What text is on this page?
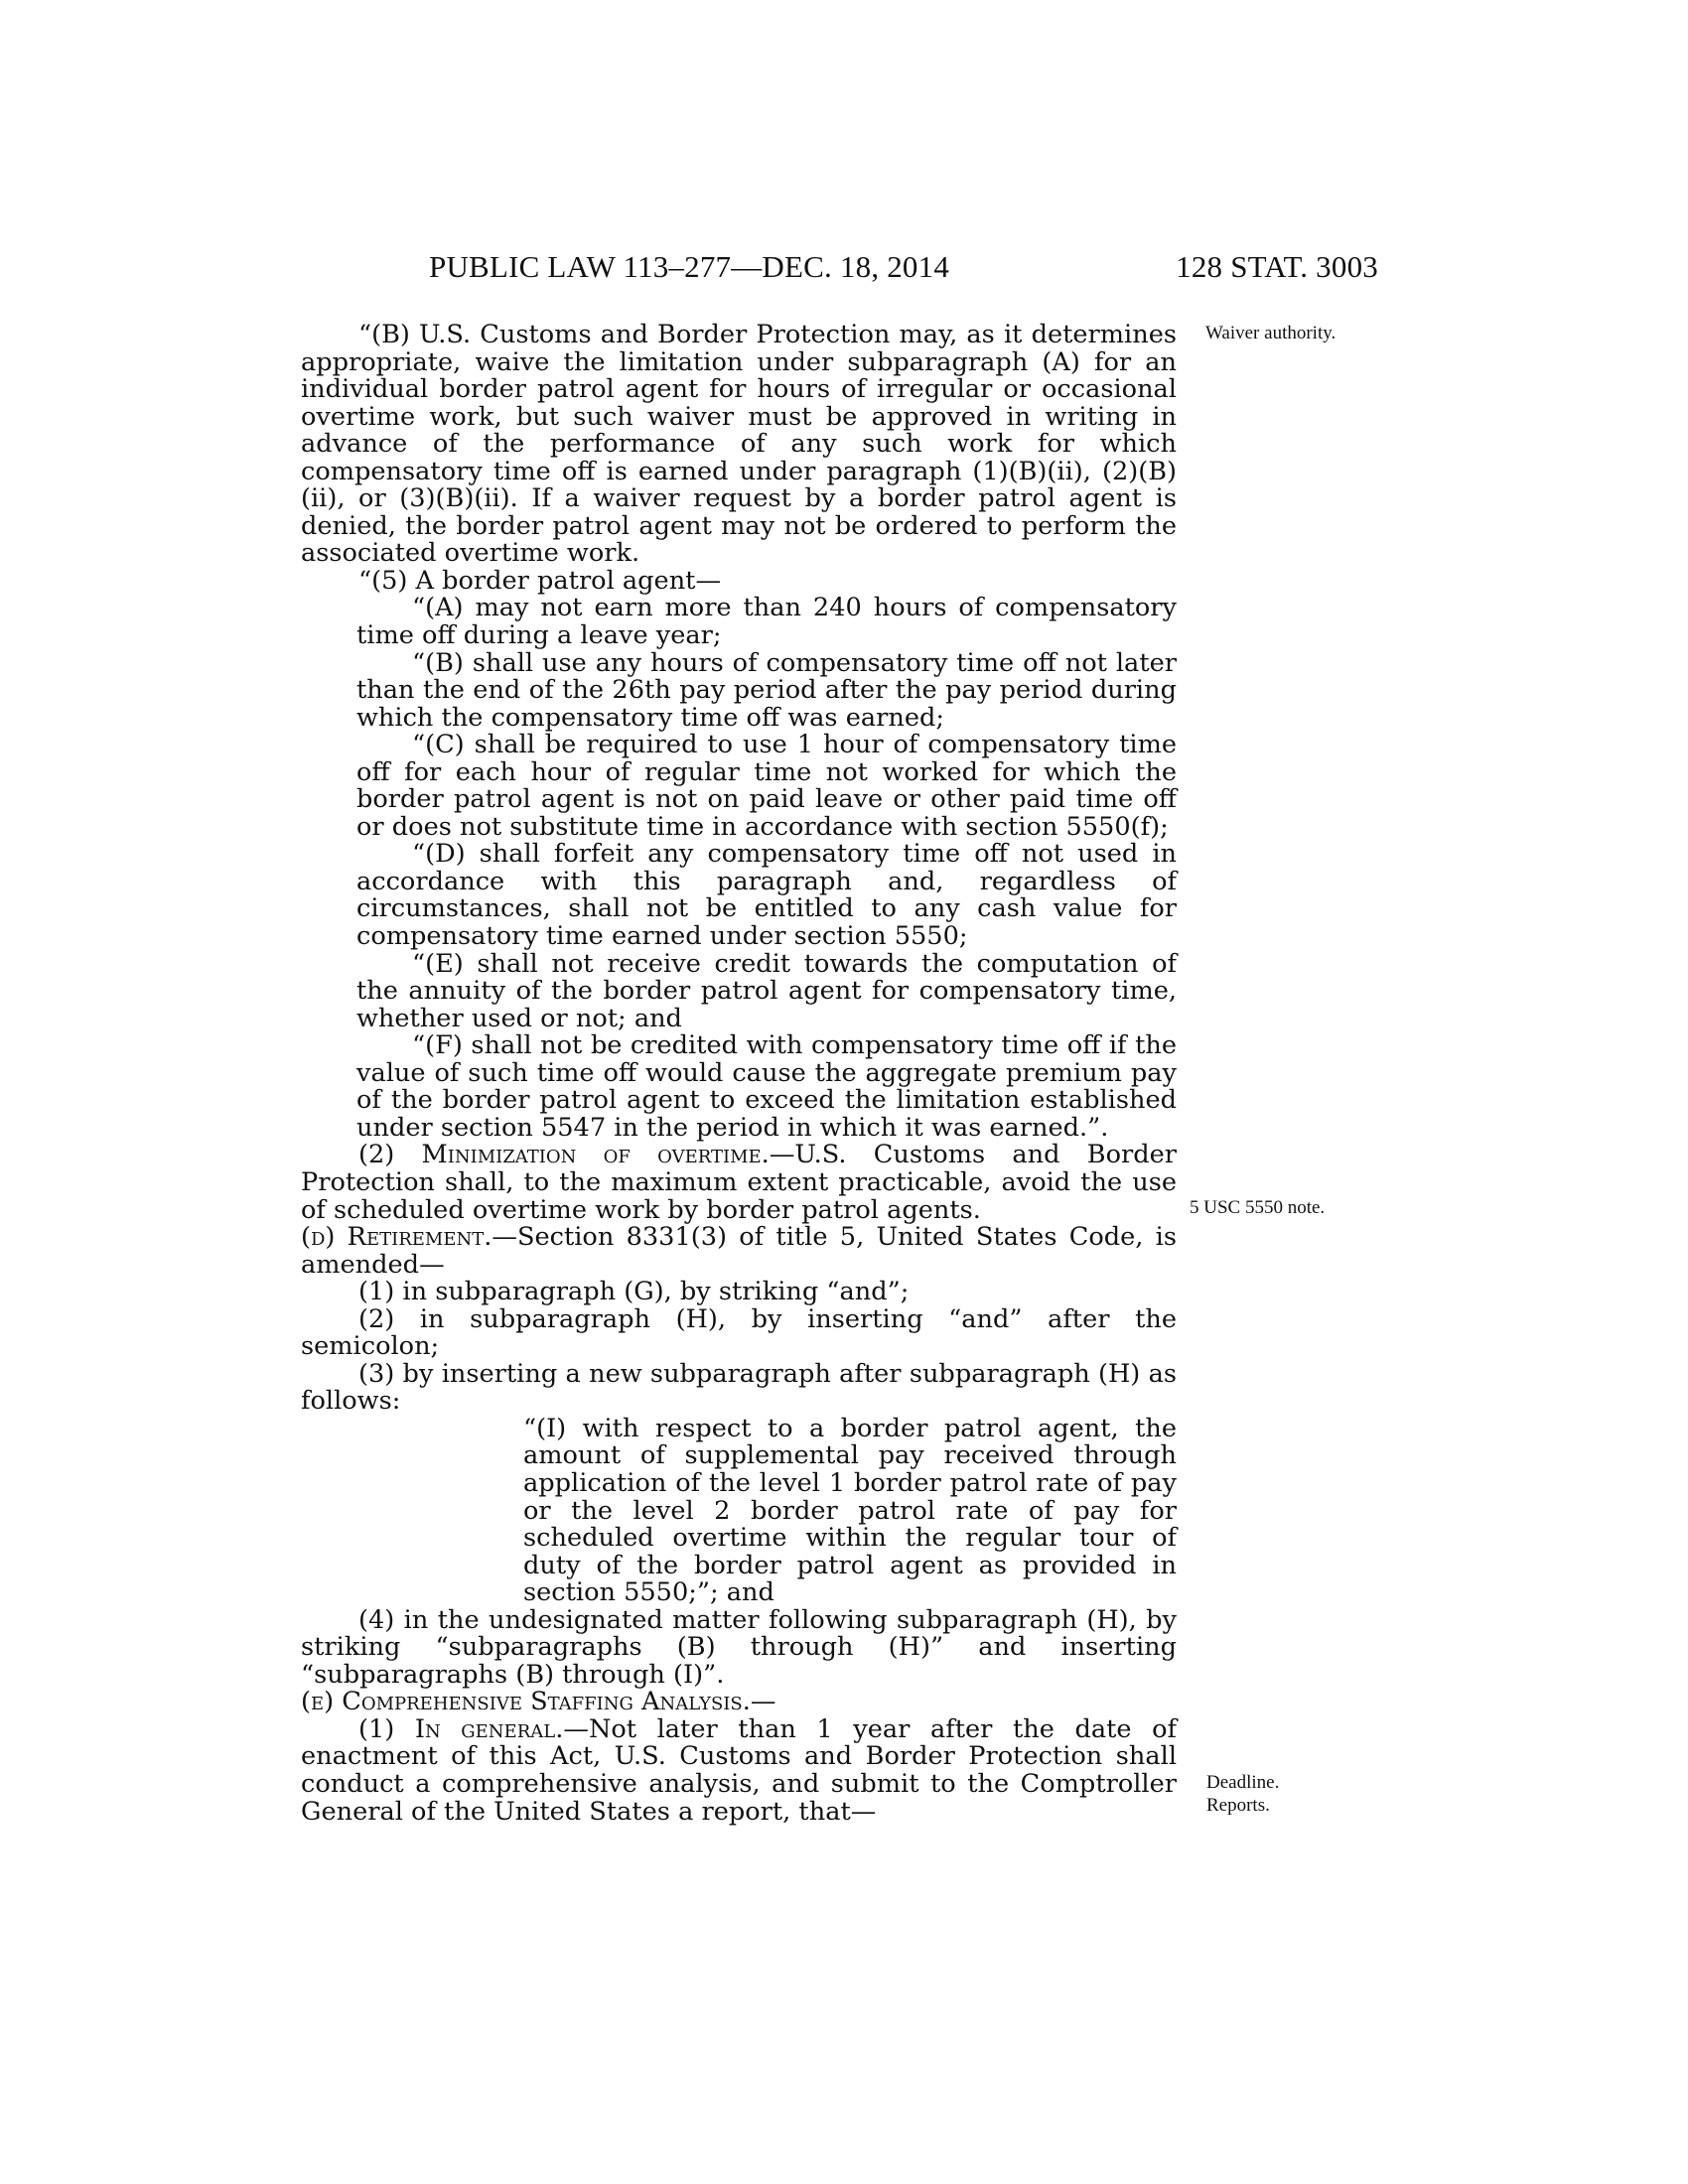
PUBLIC LAW 113–277—DEC. 18, 2014	128 STAT. 3003
Waiver authority.
5 USC 5550 note.
Deadline.
Reports.

“(B) U.S. Customs and Border Protection may, as it determines appropriate, waive the limitation under subparagraph (A) for an individual border patrol agent for hours of irregular or occasional overtime work, but such waiver must be approved in writing in advance of the performance of any such work for which compensatory time off is earned under paragraph (1)(B)(ii), (2)(B)(ii), or (3)(B)(ii). If a waiver request by a border patrol agent is denied, the border patrol agent may not be ordered to perform the associated overtime work.

“(5) A border patrol agent—

“(A) may not earn more than 240 hours of compensatory time off during a leave year;

“(B) shall use any hours of compensatory time off not later than the end of the 26th pay period after the pay period during which the compensatory time off was earned;

“(C) shall be required to use 1 hour of compensatory time off for each hour of regular time not worked for which the border patrol agent is not on paid leave or other paid time off or does not substitute time in accordance with section 5550(f);

“(D) shall forfeit any compensatory time off not used in accordance with this paragraph and, regardless of circumstances, shall not be entitled to any cash value for compensatory time earned under section 5550;

“(E) shall not receive credit towards the computation of the annuity of the border patrol agent for compensatory time, whether used or not; and

“(F) shall not be credited with compensatory time off if the value of such time off would cause the aggregate premium pay of the border patrol agent to exceed the limitation established under section 5547 in the period in which it was earned.”.

(2) Minimization of overtime.—U.S. Customs and Border Protection shall, to the maximum extent practicable, avoid the use of scheduled overtime work by border patrol agents.

(d) Retirement.—Section 8331(3) of title 5, United States Code, is amended—

(1) in subparagraph (G), by striking “and”;

(2) in subparagraph (H), by inserting “and” after the semicolon;

(3) by inserting a new subparagraph after subparagraph (H) as follows:

“(I) with respect to a border patrol agent, the amount of supplemental pay received through application of the level 1 border patrol rate of pay or the level 2 border patrol rate of pay for scheduled overtime within the regular tour of duty of the border patrol agent as provided in section 5550;”; and

(4) in the undesignated matter following subparagraph (H), by striking “subparagraphs (B) through (H)” and inserting “subparagraphs (B) through (I)”.

(e) Comprehensive Staffing Analysis.—

(1) In general.—Not later than 1 year after the date of enactment of this Act, U.S. Customs and Border Protection shall conduct a comprehensive analysis, and submit to the Comptroller General of the United States a report, that—
